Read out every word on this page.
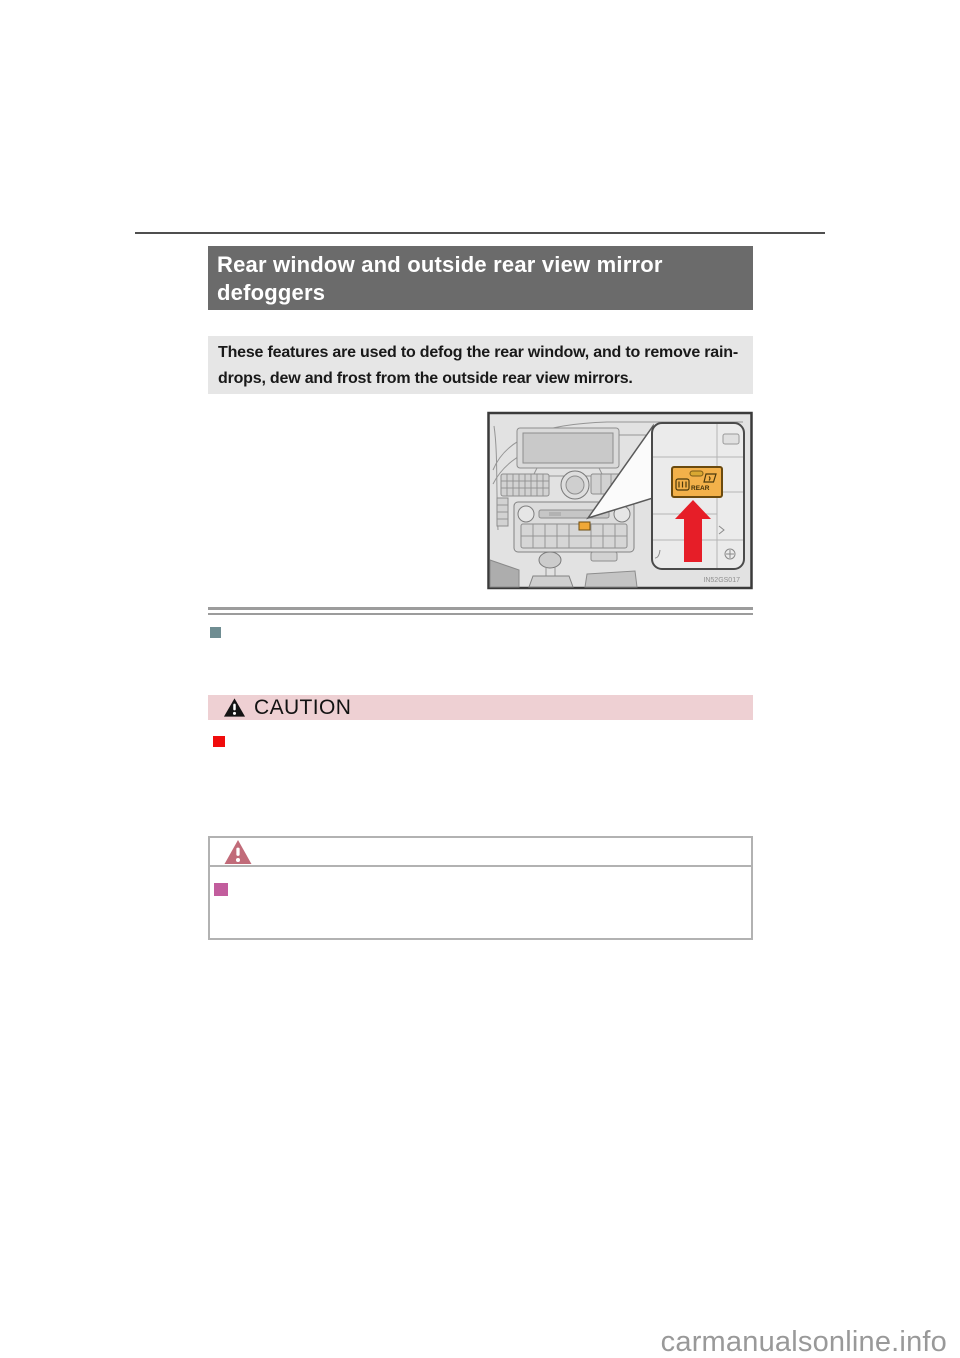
Rear window and outside rear view mirror
defoggers
These features are used to defog the rear window, and to remove rain-
drops, dew and frost from the outside rear view mirrors.
REAR
IN52GS017
CAUTION
carmanualsonline.info
